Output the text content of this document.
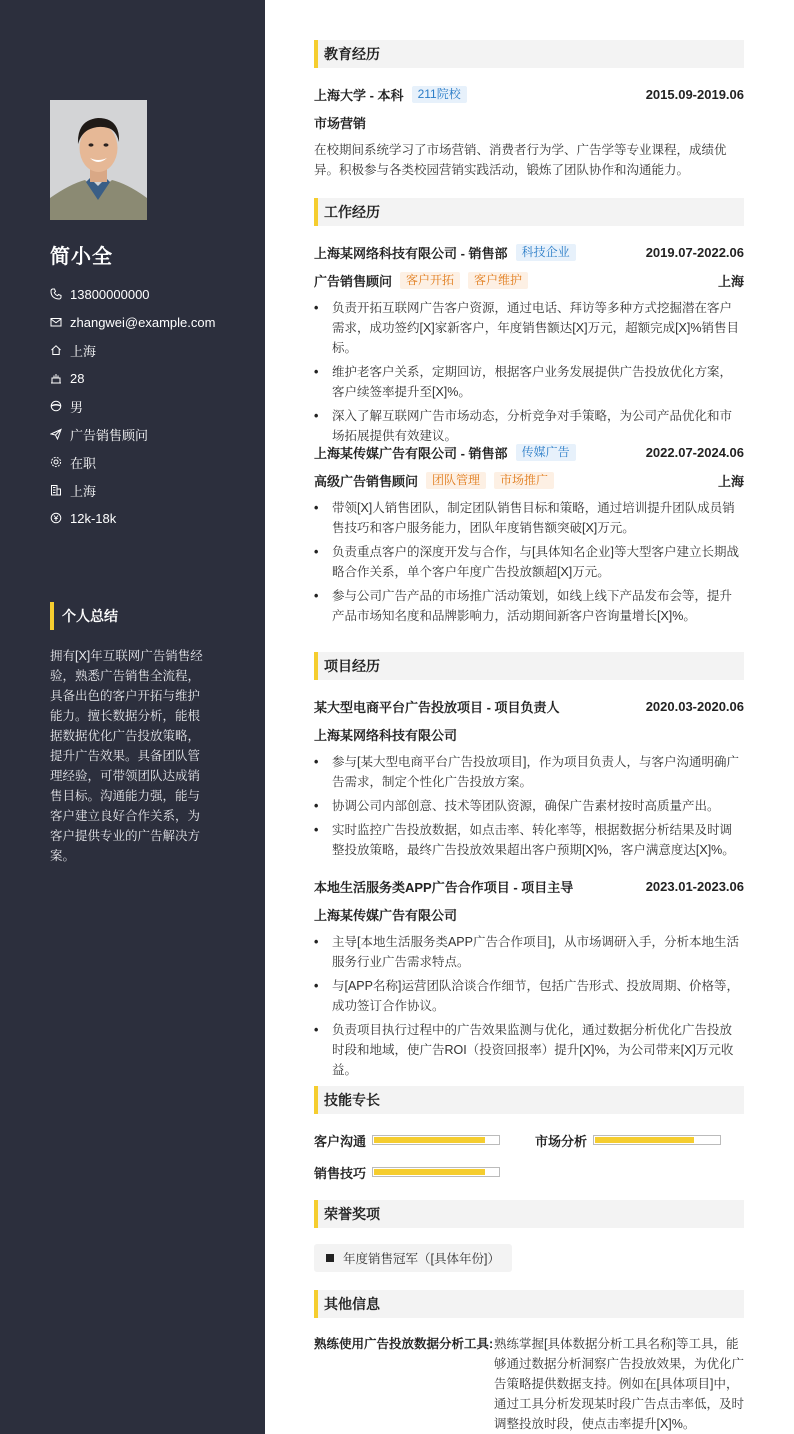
简小全
13800000000
zhangwei@example.com
上海
28
男
广告销售顾问
在职
上海
12k-18k
个人总结
拥有[X]年互联网广告销售经验，熟悉广告销售全流程，具备出色的客户开拓与维护能力。擅长数据分析，能根据数据优化广告投放策略，提升广告效果。具备团队管理经验，可带领团队达成销售目标。沟通能力强，能与客户建立良好合作关系，为客户提供专业的广告解决方案。
教育经历
上海大学 - 本科	211院校	2015.09-2019.06
市场营销
在校期间系统学习了市场营销、消费者行为学、广告学等专业课程，成绩优异。积极参与各类校园营销实践活动，锻炼了团队协作和沟通能力。
工作经历
上海某网络科技有限公司 - 销售部	科技企业	2019.07-2022.06
广告销售顾问	客户开拓	客户维护	上海
• 负责开拓互联网广告客户资源，通过电话、拜访等多种方式挖掘潜在客户需求，成功签约[X]家新客户，年度销售额达[X]万元，超额完成[X]%销售目标。
• 维护老客户关系，定期回访，根据客户业务发展提供广告投放优化方案，客户续签率提升至[X]%。
• 深入了解互联网广告市场动态，分析竞争对手策略，为公司产品优化和市场拓展提供有效建议。
上海某传媒广告有限公司 - 销售部	传媒广告	2022.07-2024.06
高级广告销售顾问	团队管理	市场推广	上海
• 带领[X]人销售团队，制定团队销售目标和策略，通过培训提升团队成员销售技巧和客户服务能力，团队年度销售额突破[X]万元。
• 负责重点客户的深度开发与合作，与[具体知名企业]等大型客户建立长期战略合作关系，单个客户年度广告投放额超[X]万元。
• 参与公司广告产品的市场推广活动策划，如线上线下产品发布会等，提升产品市场知名度和品牌影响力，活动期间新客户咨询量增长[X]%。
项目经历
某大型电商平台广告投放项目 - 项目负责人	2020.03-2020.06
上海某网络科技有限公司
• 参与[某大型电商平台广告投放项目]，作为项目负责人，与客户沟通明确广告需求，制定个性化广告投放方案。
• 协调公司内部创意、技术等团队资源，确保广告素材按时高质量产出。
• 实时监控广告投放数据，如点击率、转化率等，根据数据分析结果及时调整投放策略，最终广告投放效果超出客户预期[X]%，客户满意度达[X]%。
本地生活服务类APP广告合作项目 - 项目主导	2023.01-2023.06
上海某传媒广告有限公司
• 主导[本地生活服务类APP广告合作项目]，从市场调研入手，分析本地生活服务行业广告需求特点。
• 与[APP名称]运营团队洽谈合作细节，包括广告形式、投放周期、价格等，成功签订合作协议。
• 负责项目执行过程中的广告效果监测与优化，通过数据分析优化广告投放时段和地域，使广告ROI（投资回报率）提升[X]%，为公司带来[X]万元收益。
技能专长
客户沟通	市场分析
销售技巧
荣誉奖项
年度销售冠军（[具体年份]）
其他信息
熟练使用广告投放数据分析工具: 熟练掌握[具体数据分析工具名称]等工具，能够通过数据分析洞察广告投放效果，为优化广告策略提供数据支持。例如在[具体项目]中，通过工具分析发现某时段广告点击率低，及时调整投放时段，使点击率提升[X]%。
